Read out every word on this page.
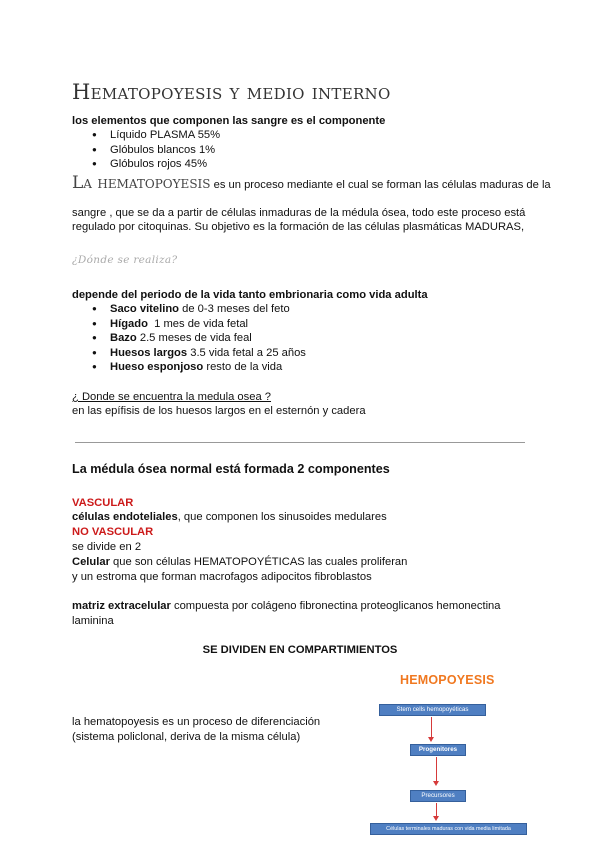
Hematopoyesis y medio interno
los elementos que componen las sangre es el componente
● Líquido PLASMA 55%
● Glóbulos blancos 1%
● Glóbulos rojos 45%
La hematopoyesis es un proceso mediante el cual se forman las células maduras de la
sangre , que se da a partir de células inmaduras de la médula ósea, todo este proceso está
regulado por citoquinas. Su objetivo es la formación de las células plasmáticas MADURAS,
¿Dónde se realiza?
depende del periodo de la vida tanto embrionaria como vida adulta
● Saco vitelino de 0-3 meses del feto
● Hígado  1 mes de vida fetal
● Bazo 2.5 meses de vida feal
● Huesos largos 3.5 vida fetal a 25 años
● Hueso esponjoso resto de la vida
¿ Donde se encuentra la medula osea ?
en las epífisis de los huesos largos en el esternón y cadera
La médula ósea normal está formada 2 componentes
VASCULAR
células endoteliales, que componen los sinusoides medulares
NO VASCULAR
se divide en 2
Celular que son células HEMATOPOYÉTICAS las cuales proliferan
y un estroma que forman macrofagos adipocitos fibroblastos
matriz extracelular compuesta por colágeno fibronectina proteoglicanos hemonectina
laminina
SE DIVIDEN EN COMPARTIMIENTOS
la hematopoyesis es un proceso de diferenciación
(sistema policlonal, deriva de la misma célula)
HEMOPOYESIS
Stem cells hemopoyéticas
Progenitores
Precursores
Células terminales maduras con vida media limitada
